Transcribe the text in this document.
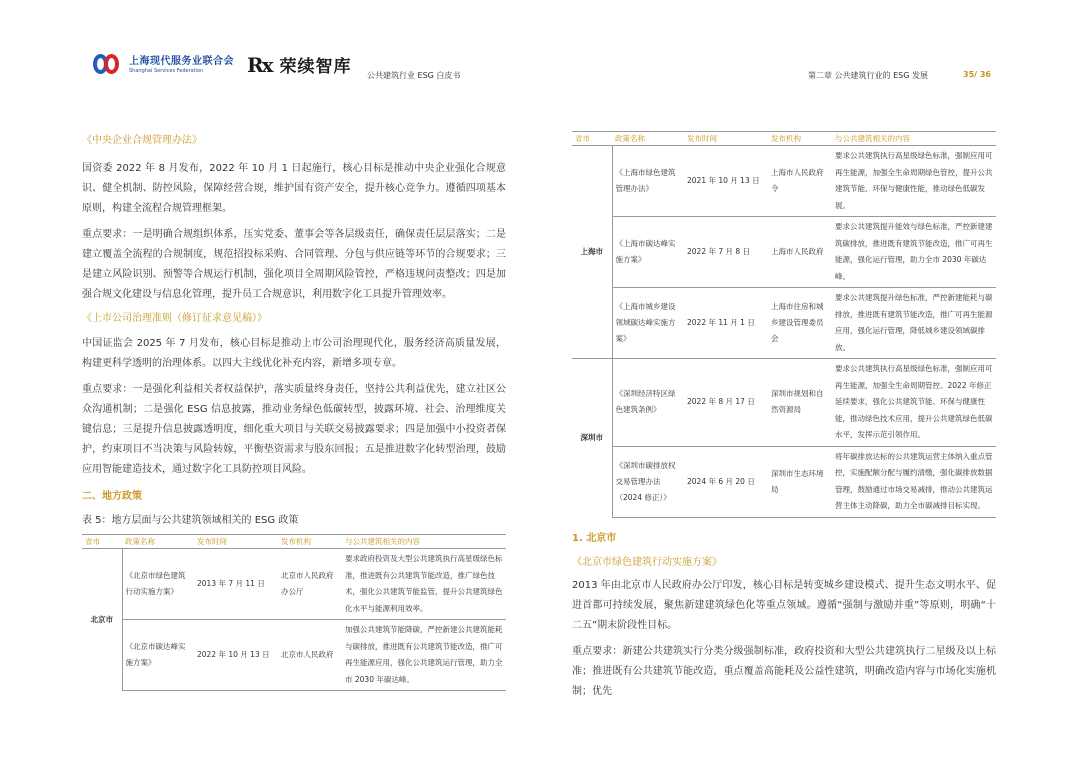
上海现代服务业联合会
Shanghai Services Federation	Rx 荣续智库 公共建筑行业 ESG 白皮书	第二章 公共建筑行业的 ESG 发展	35/ 36
《中央企业合规管理办法》

国资委 2022 年 8 月发布，2022 年 10 月 1 日起施行，核心目标是推动中央企业强化合规意识、健全机制、防控风险，保障经营合规，维护国有资产安全，提升核心竞争力。遵循四项基本原则，构建全流程合规管理框架。

重点要求：一是明确合规组织体系，压实党委、董事会等各层级责任，确保责任层层落实；二是建立覆盖全流程的合规制度，规范招投标采购、合同管理、分包与供应链等环节的合规要求；三是建立风险识别、预警等合规运行机制，强化项目全周期风险管控，严格违规问责整改；四是加强合规文化建设与信息化管理，提升员工合规意识，利用数字化工具提升管理效率。

《上市公司治理准则（修订征求意见稿）》

中国证监会 2025 年 7 月发布，核心目标是推动上市公司治理现代化，服务经济高质量发展，构建更科学透明的治理体系。以四大主线优化补充内容，新增多项专章。

重点要求：一是强化利益相关者权益保护，落实质量终身责任，坚持公共利益优先，建立社区公众沟通机制；二是强化 ESG 信息披露，推动业务绿色低碳转型，披露环境、社会、治理维度关键信息；三是提升信息披露透明度，细化重大项目与关联交易披露要求；四是加强中小投资者保护，约束项目不当决策与风险转嫁，平衡垫资需求与股东回报；五是推进数字化转型治理，鼓励应用智能建造技术，通过数字化工具防控项目风险。

二、地方政策
表 5：地方层面与公共建筑领域相关的 ESG 政策
省市	政策名称	发布时间	发布机构	与公共建筑相关的内容
北京市	《北京市绿色建筑行动实施方案》	2013 年 7 月 11 日	北京市人民政府办公厅	要求政府投资及大型公共建筑执行高星级绿色标准，推进既有公共建筑节能改造，推广绿色技术，强化公共建筑节能监管，提升公共建筑绿色化水平与能源利用效率。
	《北京市碳达峰实施方案》	2022 年 10 月 13 日	北京市人民政府	加强公共建筑节能降碳，严控新建公共建筑能耗与碳排放，推进既有公共建筑节能改造，推广可再生能源应用，强化公共建筑运行管理，助力全市 2030 年碳达峰。
省市	政策名称	发布时间	发布机构	与公共建筑相关的内容
上海市	《上海市绿色建筑管理办法》	2021 年 10 月 13 日	上海市人民政府令	要求公共建筑执行高星级绿色标准，强制应用可再生能源，加强全生命周期绿色管控，提升公共建筑节能、环保与健康性能，推动绿色低碳发展。
	《上海市碳达峰实施方案》	2022 年 7 月 8 日	上海市人民政府	要求公共建筑提升能效与绿色标准，严控新建建筑碳排放，推进既有建筑节能改造，推广可再生能源，强化运行管理，助力全市 2030 年碳达峰。
	《上海市城乡建设领域碳达峰实施方案》	2022 年 11 月 1 日	上海市住房和城乡建设管理委员会	要求公共建筑提升绿色标准，严控新建能耗与碳排放，推进既有建筑节能改造，推广可再生能源应用，强化运行管理，降低城乡建设领域碳排放。
深圳市	《深圳经济特区绿色建筑条例》	2022 年 8 月 17 日	深圳市规划和自然资源局	要求公共建筑执行高星级绿色标准，强制应用可再生能源，加强全生命周期管控。2022 年修正延续要求，强化公共建筑节能、环保与健康性能，推动绿色技术应用，提升公共建筑绿色低碳水平，发挥示范引领作用。
	《深圳市碳排放权交易管理办法（2024 修正）》	2024 年 6 月 20 日	深圳市生态环境局	将年碳排放达标的公共建筑运营主体纳入重点管控，实施配额分配与履约清缴，强化碳排放数据管理，鼓励通过市场交易减排，推动公共建筑运营主体主动降碳，助力全市碳减排目标实现。
1. 北京市
《北京市绿色建筑行动实施方案》

2013 年由北京市人民政府办公厅印发，核心目标是转变城乡建设模式、提升生态文明水平、促进首都可持续发展，聚焦新建建筑绿色化等重点领域。遵循“强制与激励并重”等原则，明确“十二五”期末阶段性目标。

重点要求：新建公共建筑实行分类分级强制标准，政府投资和大型公共建筑执行二星级及以上标准；推进既有公共建筑节能改造，重点覆盖高能耗及公益性建筑，明确改造内容与市场化实施机制；优先
